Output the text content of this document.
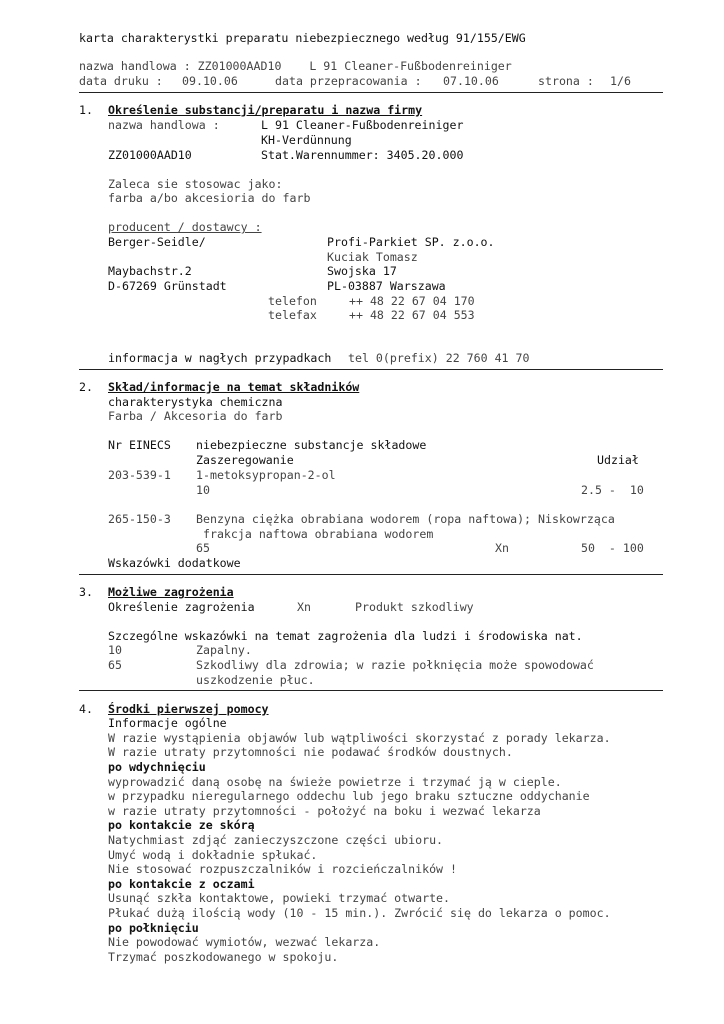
karta charakterystki preparatu niebezpiecznego według 91/155/EWG
nazwa handlowa : ZZ01000AAD10    L 91 Cleaner-Fußbodenreiniger
data druku : 09.10.06	data przepracowania : 07.10.06	strona : 1/6
1. Określenie substancji/preparatu i nazwa firmy
nazwa handlowa :	L 91 Cleaner-Fußbodenreiniger
KH-Verdünnung
ZZ01000AAD10	Stat.Warennummer: 3405.20.000
Zaleca sie stosowac jako:
farba a/bo akcesioria do farb
producent / dostawcy :
Berger-Seidle/	Profi-Parkiet SP. z.o.o.
Kuciak Tomasz
Maybachstr.2	Swojska 17
D-67269 Grünstadt	PL-03887 Warszawa
telefon	++ 48 22 67 04 170
telefax	++ 48 22 67 04 553
informacja w nagłych przypadkach tel 0(prefix) 22 760 41 70
2. Skład/informacje na temat składników
charakterystyka chemiczna
Farba / Akcesoria do farb
Nr EINECS niebezpieczne substancje składowe
Zaszeregowanie	Udział
203-539-1 1-metoksypropan-2-ol
10	2.5 -  10
265-150-3 Benzyna ciężka obrabiana wodorem (ropa naftowa); Niskowrząca
frakcja naftowa obrabiana wodorem
65	Xn	50  - 100
Wskazówki dodatkowe
3. Możliwe zagrożenia
Określenie zagrożenia	Xn	Produkt szkodliwy
Szczególne wskazówki na temat zagrożenia dla ludzi i środowiska nat.
10	Zapalny.
65	Szkodliwy dla zdrowia; w razie połknięcia może spowodować
uszkodzenie płuc.
4. Środki pierwszej pomocy
Informacje ogólne
W razie wystąpienia objawów lub wątpliwości skorzystać z porady lekarza.
W razie utraty przytomności nie podawać środków doustnych.
po wdychnięciu
wyprowadzić daną osobę na świeże powietrze i trzymać ją w cieple.
w przypadku nieregularnego oddechu lub jego braku sztuczne oddychanie
w razie utraty przytomności - położyć na boku i wezwać lekarza
po kontakcie ze skórą
Natychmiast zdjąć zanieczyszczone części ubioru.
Umyć wodą i dokładnie spłukać.
Nie stosować rozpuszczalników i rozcieńczalników !
po kontakcie z oczami
Usunąć szkła kontaktowe, powieki trzymać otwarte.
Płukać dużą ilością wody (10 - 15 min.). Zwrócić się do lekarza o pomoc.
po połknięciu
Nie powodować wymiotów, wezwać lekarza.
Trzymać poszkodowanego w spokoju.
